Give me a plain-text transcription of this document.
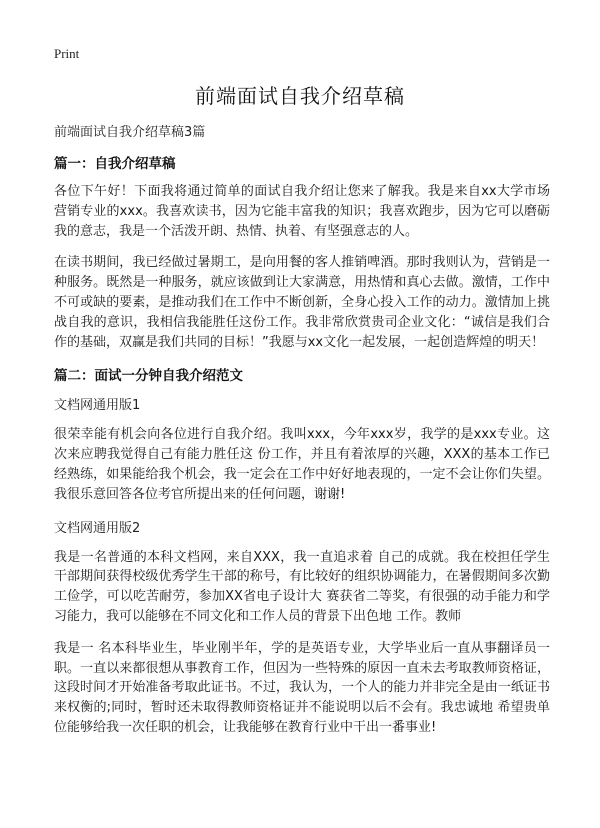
Print
前端面试自我介绍草稿

前端面试自我介绍草稿3篇

篇一：自我介绍草稿

各位下午好！下面我将通过简单的面试自我介绍让您来了解我。我是来自xx大学市场营销专业的xxx。我喜欢读书，因为它能丰富我的知识；我喜欢跑步，因为它可以磨砺我的意志，我是一个活泼开朗、热情、执着、有坚强意志的人。

在读书期间，我已经做过暑期工，是向用餐的客人推销啤酒。那时我则认为，营销是一种服务。既然是一种服务，就应该做到让大家满意，用热情和真心去做。激情，工作中不可或缺的要素，是推动我们在工作中不断创新，全身心投入工作的动力。激情加上挑战自我的意识，我相信我能胜任这份工作。我非常欣赏贵司企业文化：“诚信是我们合作的基础，双赢是我们共同的目标！”我愿与xx文化一起发展，一起创造辉煌的明天！

篇二：面试一分钟自我介绍范文

文档网通用版1

很荣幸能有机会向各位进行自我介绍。我叫xxx，今年xxx岁，我学的是xxx专业。这次来应聘我觉得自己有能力胜任这 份工作，并且有着浓厚的兴趣，XXX的基本工作已经熟练，如果能给我个机会，我一定会在工作中好好地表现的，一定不会让你们失望。 我很乐意回答各位考官所提出来的任何问题，谢谢!

文档网通用版2

我是一名普通的本科文档网，来自XXX，我一直追求着 自己的成就。我在校担任学生干部期间获得校级优秀学生干部的称号，有比较好的组织协调能力，在暑假期间多次勤工俭学，可以吃苦耐劳，参加XX省电子设计大 赛获省二等奖，有很强的动手能力和学习能力，我可以能够在不同文化和工作人员的背景下出色地 工作。教师

我是一 名本科毕业生，毕业刚半年，学的是英语专业，大学毕业后一直从事翻译员一职。一直以来都很想从事教育工作，但因为一些特殊的原因一直未去考取教师资格证， 这段时间才开始准备考取此证书。不过，我认为，一个人的能力并非完全是由一纸证书来权衡的;同时，暂时还未取得教师资格证并不能说明以后不会有。我忠诚地 希望贵单位能够给我一次任职的机会，让我能够在教育行业中干出一番事业!
